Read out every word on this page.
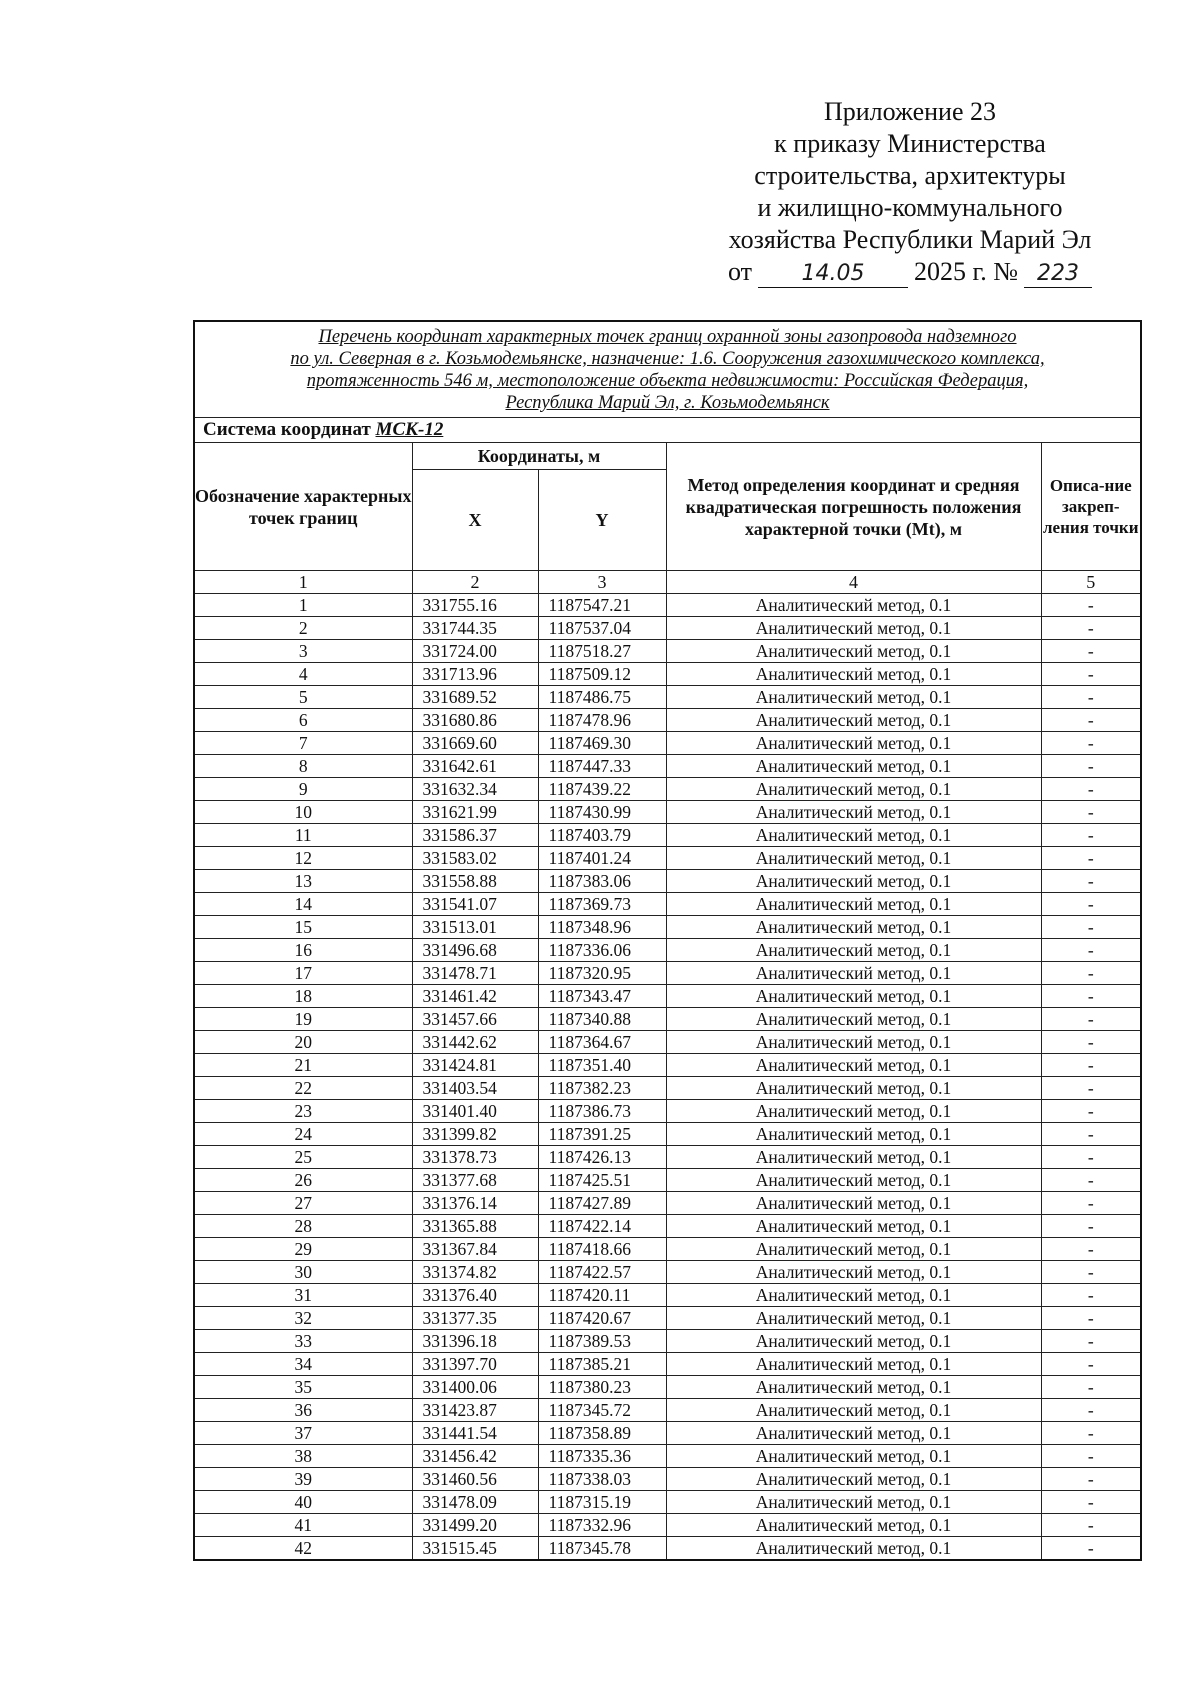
Приложение 23
к приказу Министерства
строительства, архитектуры
и жилищно-коммунального
хозяйства Республики Марий Эл
от	14.05	2025 г. № 223
Перечень координат характерных точек границ охранной зоны газопровода надземного
по ул. Северная в г. Козьмодемьянске, назначение: 1.6. Сооружения газохимического комплекса,
протяженность 546 м, местоположение объекта недвижимости: Российская Федерация,
Республика Марий Эл, г. Козьмодемьянск				

Система координат МСК-12				
Обозначение характерных точек границ	Координаты, м		Метод определения координат и средняя квадратическая погрешность положения характерной точки (Mt), м	Описа-ние закреп-ления точки
	X	Y		
1	2	3	4	5
1	331755.16	1187547.21	Аналитический метод, 0.1	-
2	331744.35	1187537.04	Аналитический метод, 0.1	-
3	331724.00	1187518.27	Аналитический метод, 0.1	-
4	331713.96	1187509.12	Аналитический метод, 0.1	-
5	331689.52	1187486.75	Аналитический метод, 0.1	-
6	331680.86	1187478.96	Аналитический метод, 0.1	-
7	331669.60	1187469.30	Аналитический метод, 0.1	-
8	331642.61	1187447.33	Аналитический метод, 0.1	-
9	331632.34	1187439.22	Аналитический метод, 0.1	-
10	331621.99	1187430.99	Аналитический метод, 0.1	-
11	331586.37	1187403.79	Аналитический метод, 0.1	-
12	331583.02	1187401.24	Аналитический метод, 0.1	-
13	331558.88	1187383.06	Аналитический метод, 0.1	-
14	331541.07	1187369.73	Аналитический метод, 0.1	-
15	331513.01	1187348.96	Аналитический метод, 0.1	-
16	331496.68	1187336.06	Аналитический метод, 0.1	-
17	331478.71	1187320.95	Аналитический метод, 0.1	-
18	331461.42	1187343.47	Аналитический метод, 0.1	-
19	331457.66	1187340.88	Аналитический метод, 0.1	-
20	331442.62	1187364.67	Аналитический метод, 0.1	-
21	331424.81	1187351.40	Аналитический метод, 0.1	-
22	331403.54	1187382.23	Аналитический метод, 0.1	-
23	331401.40	1187386.73	Аналитический метод, 0.1	-
24	331399.82	1187391.25	Аналитический метод, 0.1	-
25	331378.73	1187426.13	Аналитический метод, 0.1	-
26	331377.68	1187425.51	Аналитический метод, 0.1	-
27	331376.14	1187427.89	Аналитический метод, 0.1	-
28	331365.88	1187422.14	Аналитический метод, 0.1	-
29	331367.84	1187418.66	Аналитический метод, 0.1	-
30	331374.82	1187422.57	Аналитический метод, 0.1	-
31	331376.40	1187420.11	Аналитический метод, 0.1	-
32	331377.35	1187420.67	Аналитический метод, 0.1	-
33	331396.18	1187389.53	Аналитический метод, 0.1	-
34	331397.70	1187385.21	Аналитический метод, 0.1	-
35	331400.06	1187380.23	Аналитический метод, 0.1	-
36	331423.87	1187345.72	Аналитический метод, 0.1	-
37	331441.54	1187358.89	Аналитический метод, 0.1	-
38	331456.42	1187335.36	Аналитический метод, 0.1	-
39	331460.56	1187338.03	Аналитический метод, 0.1	-
40	331478.09	1187315.19	Аналитический метод, 0.1	-
41	331499.20	1187332.96	Аналитический метод, 0.1	-
42	331515.45	1187345.78	Аналитический метод, 0.1	-
